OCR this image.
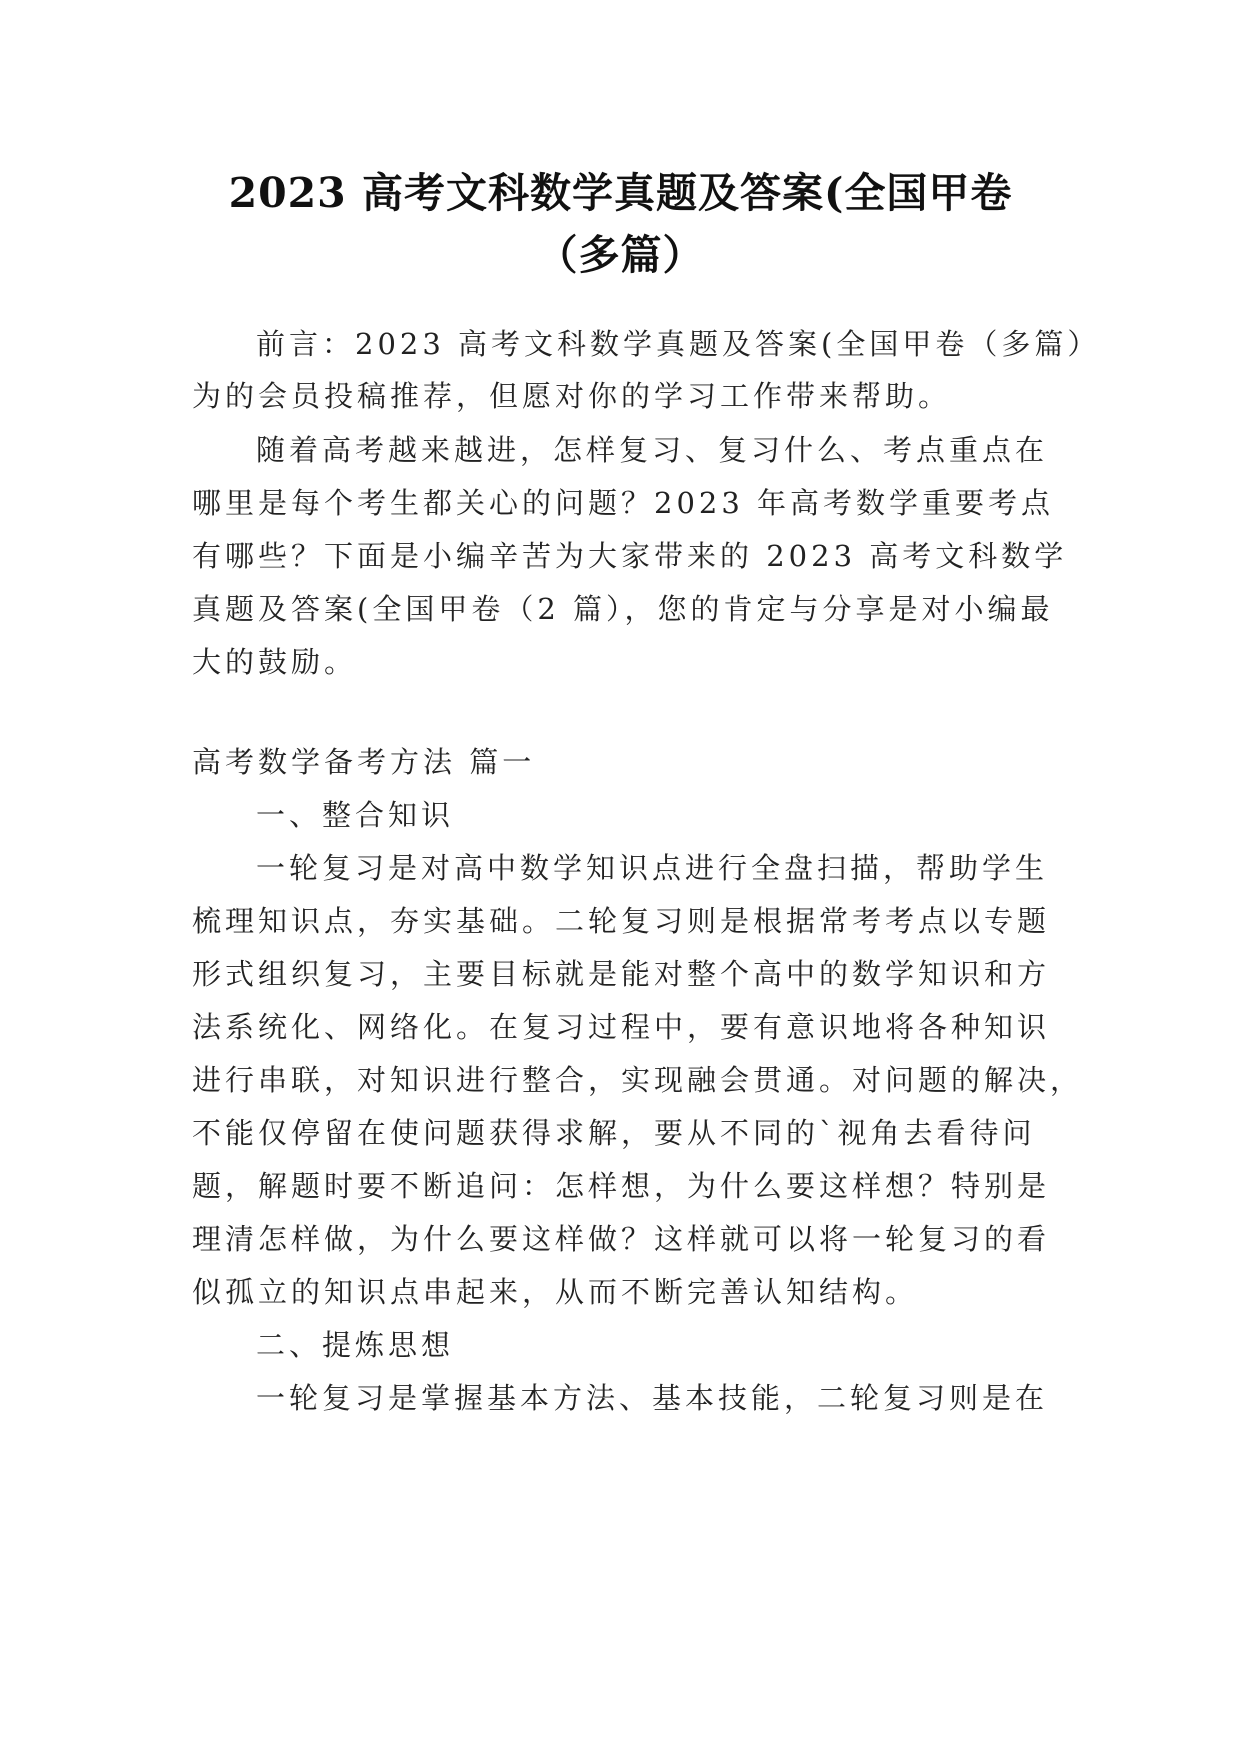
2023 高考文科数学真题及答案(全国甲卷
（多篇）
前言：2023 高考文科数学真题及答案(全国甲卷（多篇）
为的会员投稿推荐，但愿对你的学习工作带来帮助。
随着高考越来越进，怎样复习、复习什么、考点重点在
哪里是每个考生都关心的问题？2023 年高考数学重要考点
有哪些？下面是小编辛苦为大家带来的 2023 高考文科数学
真题及答案(全国甲卷（2 篇），您的肯定与分享是对小编最
大的鼓励。
高考数学备考方法 篇一
一、整合知识
一轮复习是对高中数学知识点进行全盘扫描，帮助学生
梳理知识点，夯实基础。二轮复习则是根据常考考点以专题
形式组织复习，主要目标就是能对整个高中的数学知识和方
法系统化、网络化。在复习过程中，要有意识地将各种知识
进行串联，对知识进行整合，实现融会贯通。对问题的解决，
不能仅停留在使问题获得求解，要从不同的`视角去看待问
题，解题时要不断追问：怎样想，为什么要这样想？特别是
理清怎样做，为什么要这样做？这样就可以将一轮复习的看
似孤立的知识点串起来，从而不断完善认知结构。
二、提炼思想
一轮复习是掌握基本方法、基本技能，二轮复习则是在
